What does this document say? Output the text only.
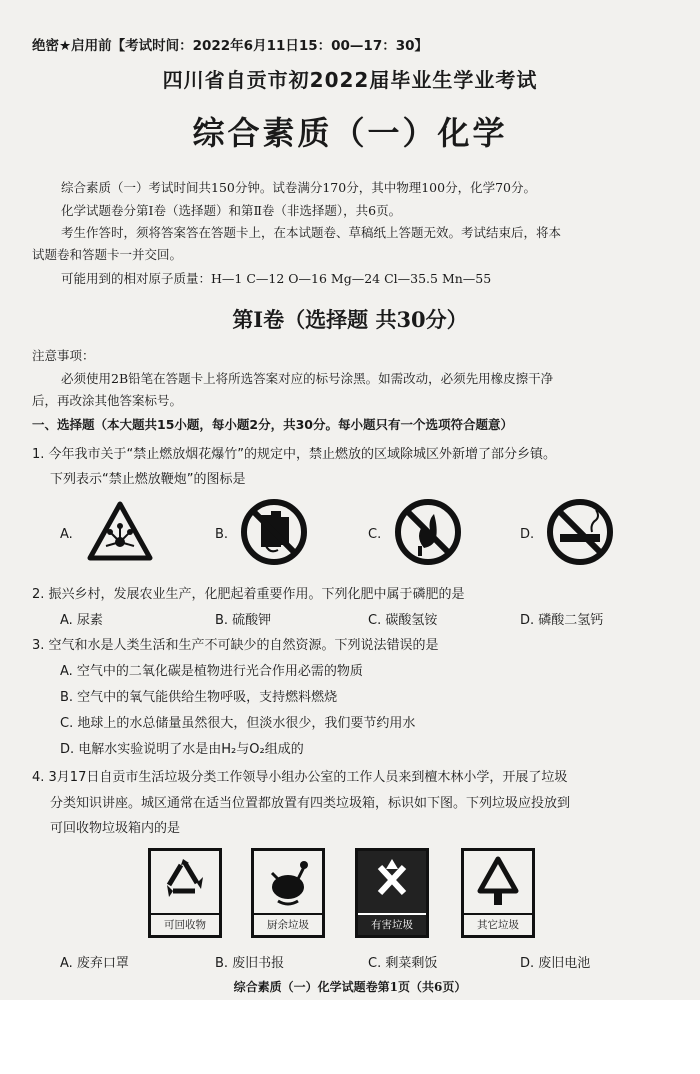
绝密★启用前【考试时间：2022年6月11日15：00—17：30】
四川省自贡市初2022届毕业生学业考试
综合素质（一）化学
综合素质（一）考试时间共150分钟。试卷满分170分，其中物理100分，化学70分。
化学试题卷分第Ⅰ卷（选择题）和第Ⅱ卷（非选择题），共6页。
考生作答时，须将答案答在答题卡上，在本试题卷、草稿纸上答题无效。考试结束后，将本
试题卷和答题卡一并交回。
可能用到的相对原子质量：H—1 C—12 O—16 Mg—24 Cl—35.5 Mn—55
第Ⅰ卷（选择题 共30分）
注意事项：
必须使用2B铅笔在答题卡上将所选答案对应的标号涂黑。如需改动，必须先用橡皮擦干净
后，再改涂其他答案标号。
一、选择题（本大题共15小题，每小题2分，共30分。每小题只有一个选项符合题意）
1. 今年我市关于“禁止燃放烟花爆竹”的规定中，禁止燃放的区域除城区外新增了部分乡镇。
下列表示“禁止燃放鞭炮”的图标是
A.	B.	C.	D.
2. 振兴乡村，发展农业生产，化肥起着重要作用。下列化肥中属于磷肥的是
A. 尿素	B. 硫酸钾	C. 碳酸氢铵	D. 磷酸二氢钙
3. 空气和水是人类生活和生产不可缺少的自然资源。下列说法错误的是
A. 空气中的二氧化碳是植物进行光合作用必需的物质
B. 空气中的氧气能供给生物呼吸，支持燃料燃烧
C. 地球上的水总储量虽然很大，但淡水很少，我们要节约用水
D. 电解水实验说明了水是由H₂与O₂组成的
4. 3月17日自贡市生活垃圾分类工作领导小组办公室的工作人员来到檀木林小学，开展了垃圾
分类知识讲座。城区通常在适当位置都放置有四类垃圾箱，标识如下图。下列垃圾应投放到
可回收物垃圾箱内的是
可回收物	厨余垃圾	有害垃圾	其它垃圾
A. 废弃口罩	B. 废旧书报	C. 剩菜剩饭	D. 废旧电池
综合素质（一）化学试题卷第1页（共6页）
